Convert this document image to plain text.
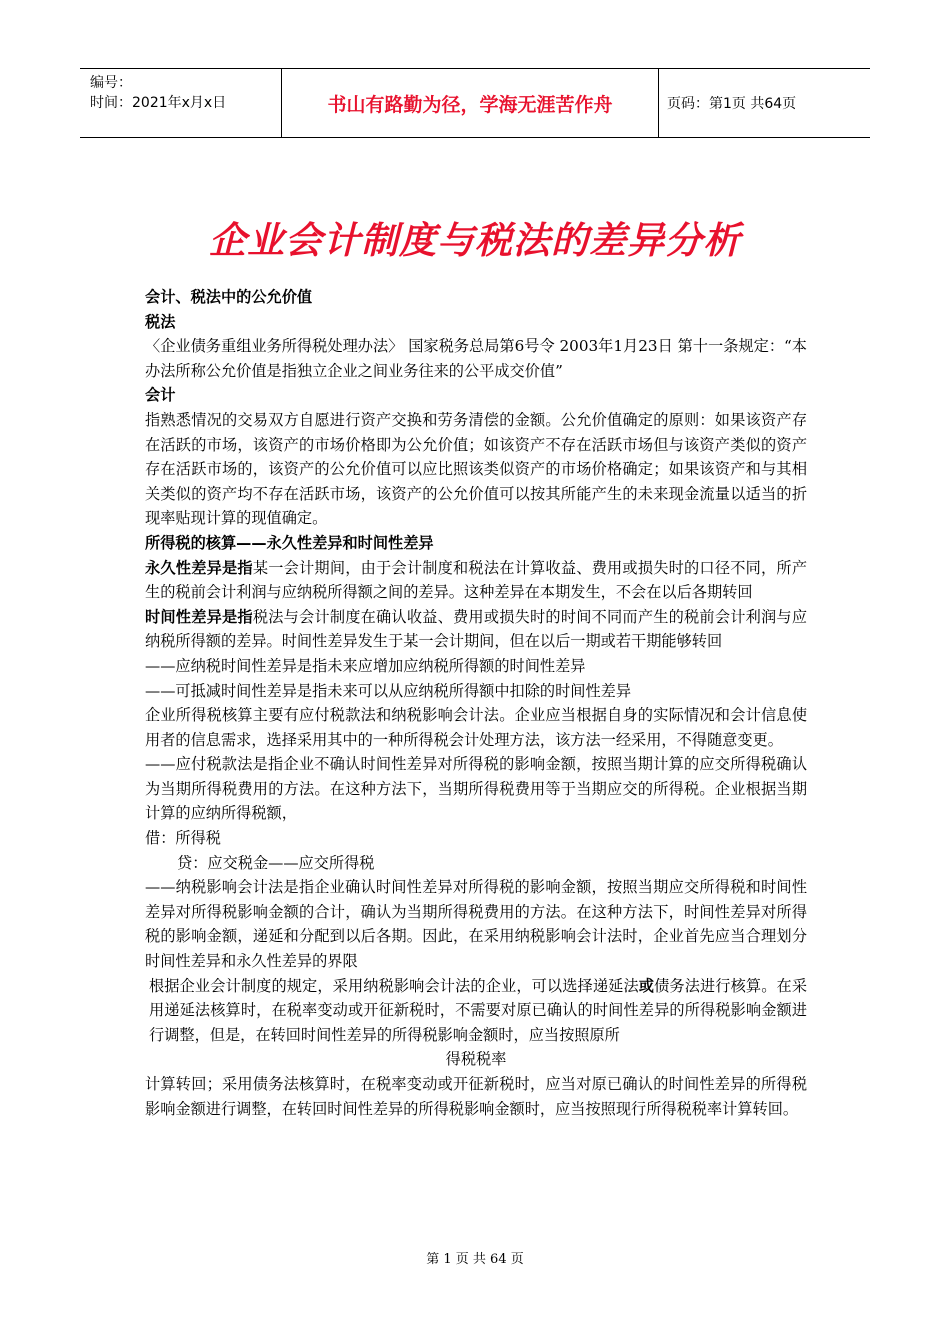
编号：
时间：2021年x月x日	书山有路勤为径，学海无涯苦作舟	页码：第1页 共64页
企业会计制度与税法的差异分析

会计、税法中的公允价值

税法

〈企业债务重组业务所得税处理办法〉 国家税务总局第6号令 2003年1月23日 第十一条规定：“本办法所称公允价值是指独立企业之间业务往来的公平成交价值”

会计

指熟悉情况的交易双方自愿进行资产交换和劳务清偿的金额。公允价值确定的原则：如果该资产存在活跃的市场，该资产的市场价格即为公允价值；如该资产不存在活跃市场但与该资产类似的资产存在活跃市场的，该资产的公允价值可以应比照该类似资产的市场价格确定；如果该资产和与其相关类似的资产均不存在活跃市场，该资产的公允价值可以按其所能产生的未来现金流量以适当的折现率贴现计算的现值确定。

所得税的核算——永久性差异和时间性差异

永久性差异是指某一会计期间，由于会计制度和税法在计算收益、费用或损失时的口径不同，所产生的税前会计利润与应纳税所得额之间的差异。这种差异在本期发生，不会在以后各期转回

时间性差异是指税法与会计制度在确认收益、费用或损失时的时间不同而产生的税前会计利润与应纳税所得额的差异。时间性差异发生于某一会计期间，但在以后一期或若干期能够转回

——应纳税时间性差异是指未来应增加应纳税所得额的时间性差异

——可抵减时间性差异是指未来可以从应纳税所得额中扣除的时间性差异

企业所得税核算主要有应付税款法和纳税影响会计法。企业应当根据自身的实际情况和会计信息使用者的信息需求，选择采用其中的一种所得税会计处理方法，该方法一经采用，不得随意变更。

——应付税款法是指企业不确认时间性差异对所得税的影响金额，按照当期计算的应交所得税确认为当期所得税费用的方法。在这种方法下，当期所得税费用等于当期应交的所得税。企业根据当期计算的应纳所得税额，

借：所得税

贷：应交税金——应交所得税

——纳税影响会计法是指企业确认时间性差异对所得税的影响金额，按照当期应交所得税和时间性差异对所得税影响金额的合计，确认为当期所得税费用的方法。在这种方法下，时间性差异对所得税的影响金额，递延和分配到以后各期。因此，在采用纳税影响会计法时，企业首先应当合理划分时间性差异和永久性差异的界限

根据企业会计制度的规定，采用纳税影响会计法的企业，可以选择递延法或债务法进行核算。在采用递延法核算时，在税率变动或开征新税时，不需要对原已确认的时间性差异的所得税影响金额进行调整，但是，在转回时间性差异的所得税影响金额时，应当按照原所

得税税率

计算转回；采用债务法核算时，在税率变动或开征新税时，应当对原已确认的时间性差异的所得税影响金额进行调整，在转回时间性差异的所得税影响金额时，应当按照现行所得税税率计算转回。

第 1 页 共 64 页
